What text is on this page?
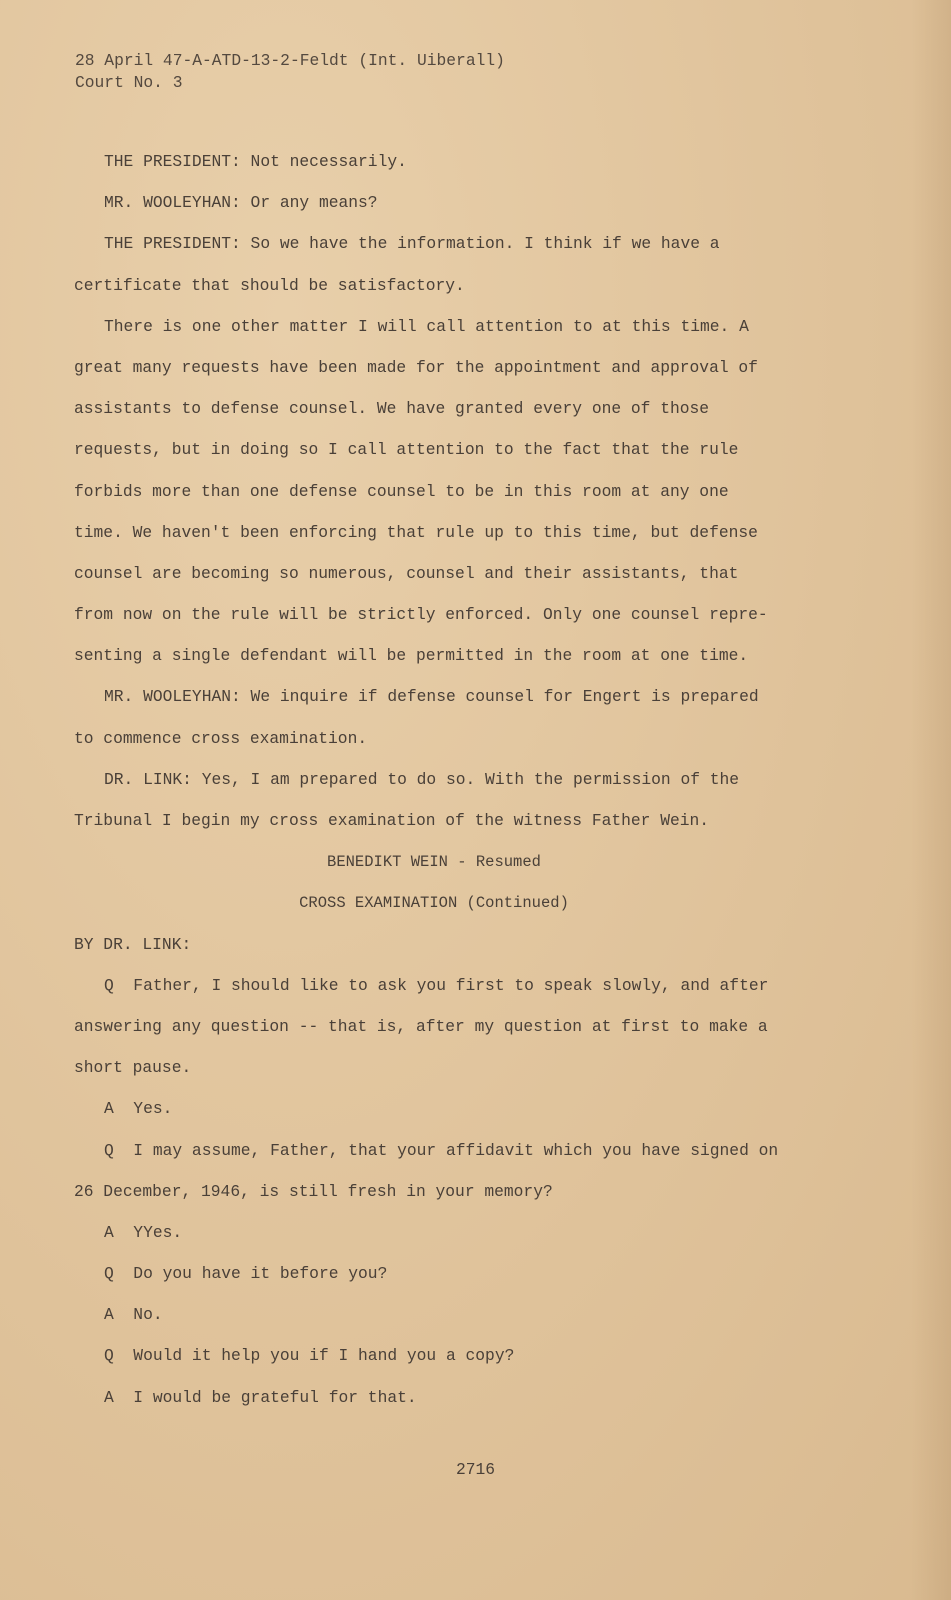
28 April 47-A-ATD-13-2-Feldt (Int. Uiberall)
Court No. 3
THE PRESIDENT: Not necessarily.
MR. WOOLEYHAN: Or any means?
THE PRESIDENT: So we have the information. I think if we have a
certificate that should be satisfactory.
There is one other matter I will call attention to at this time. A
great many requests have been made for the appointment and approval of
assistants to defense counsel. We have granted every one of those
requests, but in doing so I call attention to the fact that the rule
forbids more than one defense counsel to be in this room at any one
time. We haven't been enforcing that rule up to this time, but defense
counsel are becoming so numerous, counsel and their assistants, that
from now on the rule will be strictly enforced. Only one counsel repre-
senting a single defendant will be permitted in the room at one time.
MR. WOOLEYHAN: We inquire if defense counsel for Engert is prepared
to commence cross examination.
DR. LINK: Yes, I am prepared to do so. With the permission of the
Tribunal I begin my cross examination of the witness Father Wein.
BENEDIKT WEIN - Resumed
CROSS EXAMINATION (Continued)
BY DR. LINK:
Q  Father, I should like to ask you first to speak slowly, and after
answering any question -- that is, after my question at first to make a
short pause.
A  Yes.
Q  I may assume, Father, that your affidavit which you have signed on
26 December, 1946, is still fresh in your memory?
A  YYes.
Q  Do you have it before you?
A  No.
Q  Would it help you if I hand you a copy?
A  I would be grateful for that.
2716
